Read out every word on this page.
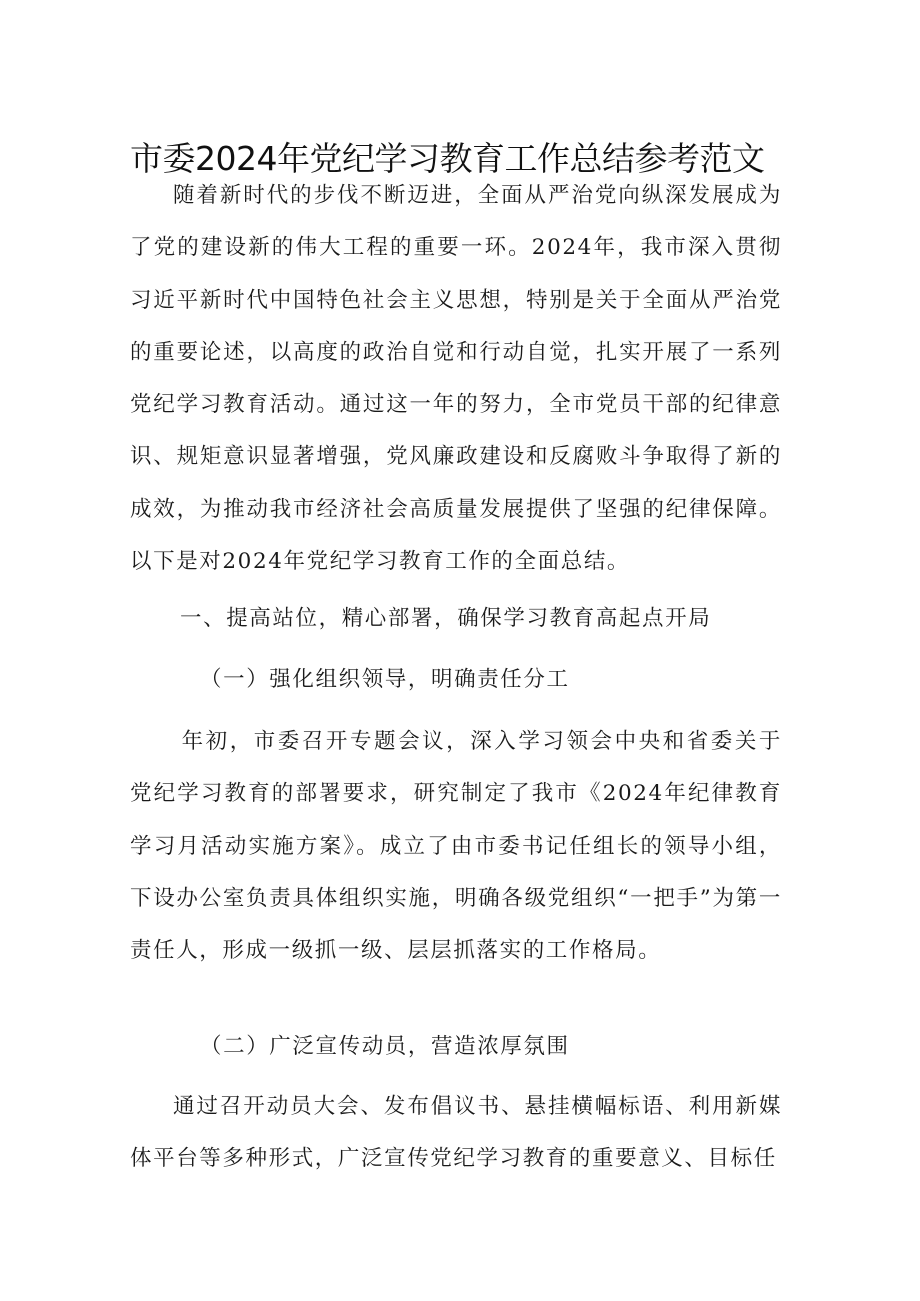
市委2024年党纪学习教育工作总结参考范文
随着新时代的步伐不断迈进，全面从严治党向纵深发展成为了党的建设新的伟大工程的重要一环。2024年，我市深入贯彻习近平新时代中国特色社会主义思想，特别是关于全面从严治党的重要论述，以高度的政治自觉和行动自觉，扎实开展了一系列党纪学习教育活动。通过这一年的努力，全市党员干部的纪律意识、规矩意识显著增强，党风廉政建设和反腐败斗争取得了新的成效，为推动我市经济社会高质量发展提供了坚强的纪律保障。以下是对2024年党纪学习教育工作的全面总结。
一、提高站位，精心部署，确保学习教育高起点开局
（一）强化组织领导，明确责任分工
年初，市委召开专题会议，深入学习领会中央和省委关于党纪学习教育的部署要求，研究制定了我市《2024年纪律教育学习月活动实施方案》。成立了由市委书记任组长的领导小组，下设办公室负责具体组织实施，明确各级党组织“一把手”为第一责任人，形成一级抓一级、层层抓落实的工作格局。
（二）广泛宣传动员，营造浓厚氛围
通过召开动员大会、发布倡议书、悬挂横幅标语、利用新媒体平台等多种形式，广泛宣传党纪学习教育的重要意义、目标任
